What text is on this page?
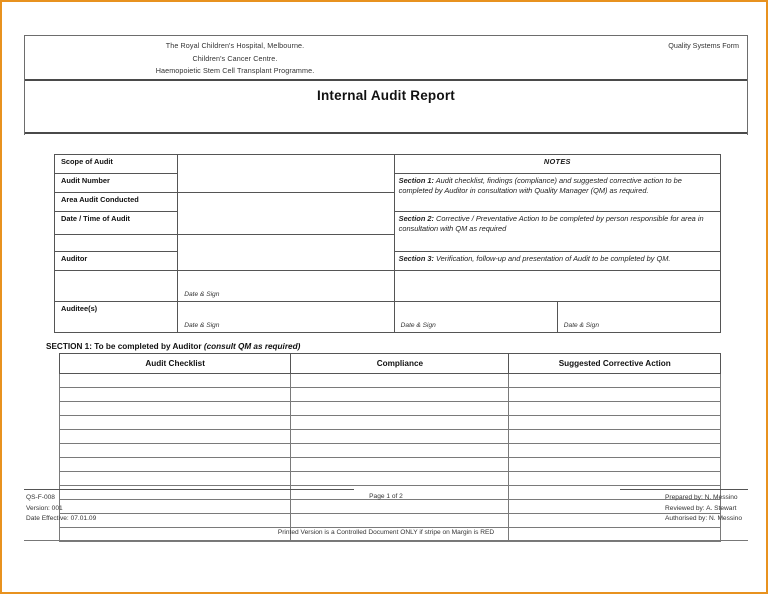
The Royal Children's Hospital, Melbourne.
Children's Cancer Centre.
Haemopoietic Stem Cell Transplant Programme.
Quality Systems Form
Internal Audit Report
Scope of Audit		NOTES	
Audit Number		Section 1: Audit checklist, findings (compliance) and suggested corrective action to be completed by Auditor in consultation with Quality Manager (QM) as required.	
Area Audit Conducted			
Date / Time of Audit		Section 2: Corrective / Preventative Action to be completed by person responsible for area in consultation with QM as required	

Auditor		Section 3: Verification, follow-up and presentation of Audit to be completed by QM.	

	Date & Sign		

Auditee(s)	Date & Sign	Date & Sign	Date & Sign
SECTION 1: To be completed by Auditor (consult QM as required)
Audit Checklist	Compliance	Suggested Corrective Action

QS-F-008
Version: 001
Date Effective: 07.01.09
Page 1 of 2	Prepared by: N. Messino
Reviewed by: A. Stewart
Authorised by: N. Messino
Printed Version is a Controlled Document ONLY if stripe on Margin is RED
